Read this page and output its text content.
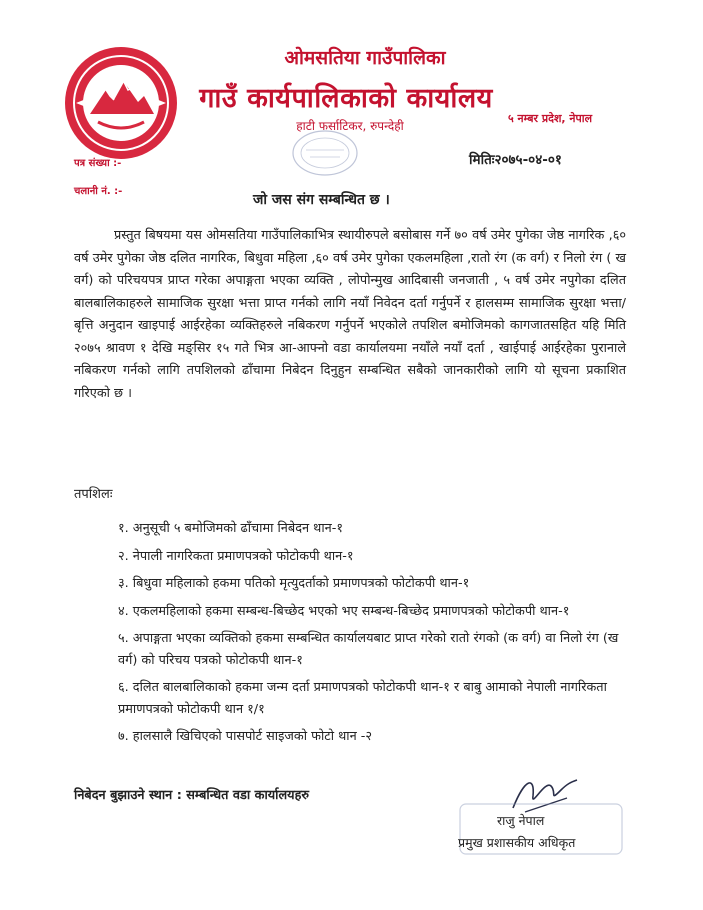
ओमसतिया गाउँपालिका
गाउँ कार्यपालिकाको कार्यालय
हाटी फर्साटिकर, रुपन्देही
५ नम्बर प्रदेश, नेपाल
पत्र संख्या :-
चलानी नं. :-
मितिः२०७५-०४-०१
जो जस संग सम्बन्धित छ ।
प्रस्तुत बिषयमा यस ओमसतिया गाउँपालिकाभित्र स्थायीरुपले बसोबास गर्ने ७० वर्ष उमेर पुगेका जेष्ठ नागरिक ,६० वर्ष उमेर पुगेका जेष्ठ दलित नागरिक, बिधुवा महिला ,६० वर्ष उमेर पुगेका एकलमहिला ,रातो रंग (क वर्ग) र निलो रंग ( ख वर्ग) को परिचयपत्र प्राप्त गरेका अपाङ्गता भएका व्यक्ति , लोपोन्मुख आदिबासी जनजाती , ५ वर्ष उमेर नपुगेका दलित बालबालिकाहरुले सामाजिक सुरक्षा भत्ता प्राप्त गर्नको लागि नयाँ निवेदन दर्ता गर्नुपर्ने र हालसम्म सामाजिक सुरक्षा भत्ता/बृत्ति अनुदान खाइपाई आईरहेका व्यक्तिहरुले नबिकरण गर्नुपर्ने भएकोले तपशिल बमोजिमको कागजातसहित यहि मिति २०७५ श्रावण १ देखि मङ्सिर १५ गते भित्र आ-आफ्नो वडा कार्यालयमा नयाँले नयाँ दर्ता , खाईपाई आईरहेका पुरानाले नबिकरण गर्नको लागि तपशिलको ढाँचामा निबेदन दिनुहुन सम्बन्धित सबैको जानकारीको लागि यो सूचना प्रकाशित गरिएको छ ।
तपशिलः
१. अनुसूची ५ बमोजिमको ढाँचामा निबेदन थान-१
२. नेपाली नागरिकता प्रमाणपत्रको फोटोकपी थान-१
३. बिधुवा महिलाको हकमा पतिको मृत्युदर्ताको प्रमाणपत्रको फोटोकपी थान-१
४. एकलमहिलाको हकमा सम्बन्ध-बिच्छेद भएको भए सम्बन्ध-बिच्छेद प्रमाणपत्रको फोटोकपी थान-१
५. अपाङ्गता भएका व्यक्तिको हकमा सम्बन्धित कार्यालयबाट प्राप्त गरेको रातो रंगको (क वर्ग) वा निलो रंग (ख वर्ग) को परिचय पत्रको फोटोकपी थान-१
६. दलित बालबालिकाको हकमा जन्म दर्ता प्रमाणपत्रको फोटोकपी थान-१ र बाबु आमाको नेपाली नागरिकता प्रमाणपत्रको फोटोकपी थान १/१
७. हालसालै खिचिएको पासपोर्ट साइजको फोटो थान -२
निबेदन बुझाउने स्थान : सम्बन्धित वडा कार्यालयहरु
राजु नेपाल
प्रमुख प्रशासकीय अधिकृत
